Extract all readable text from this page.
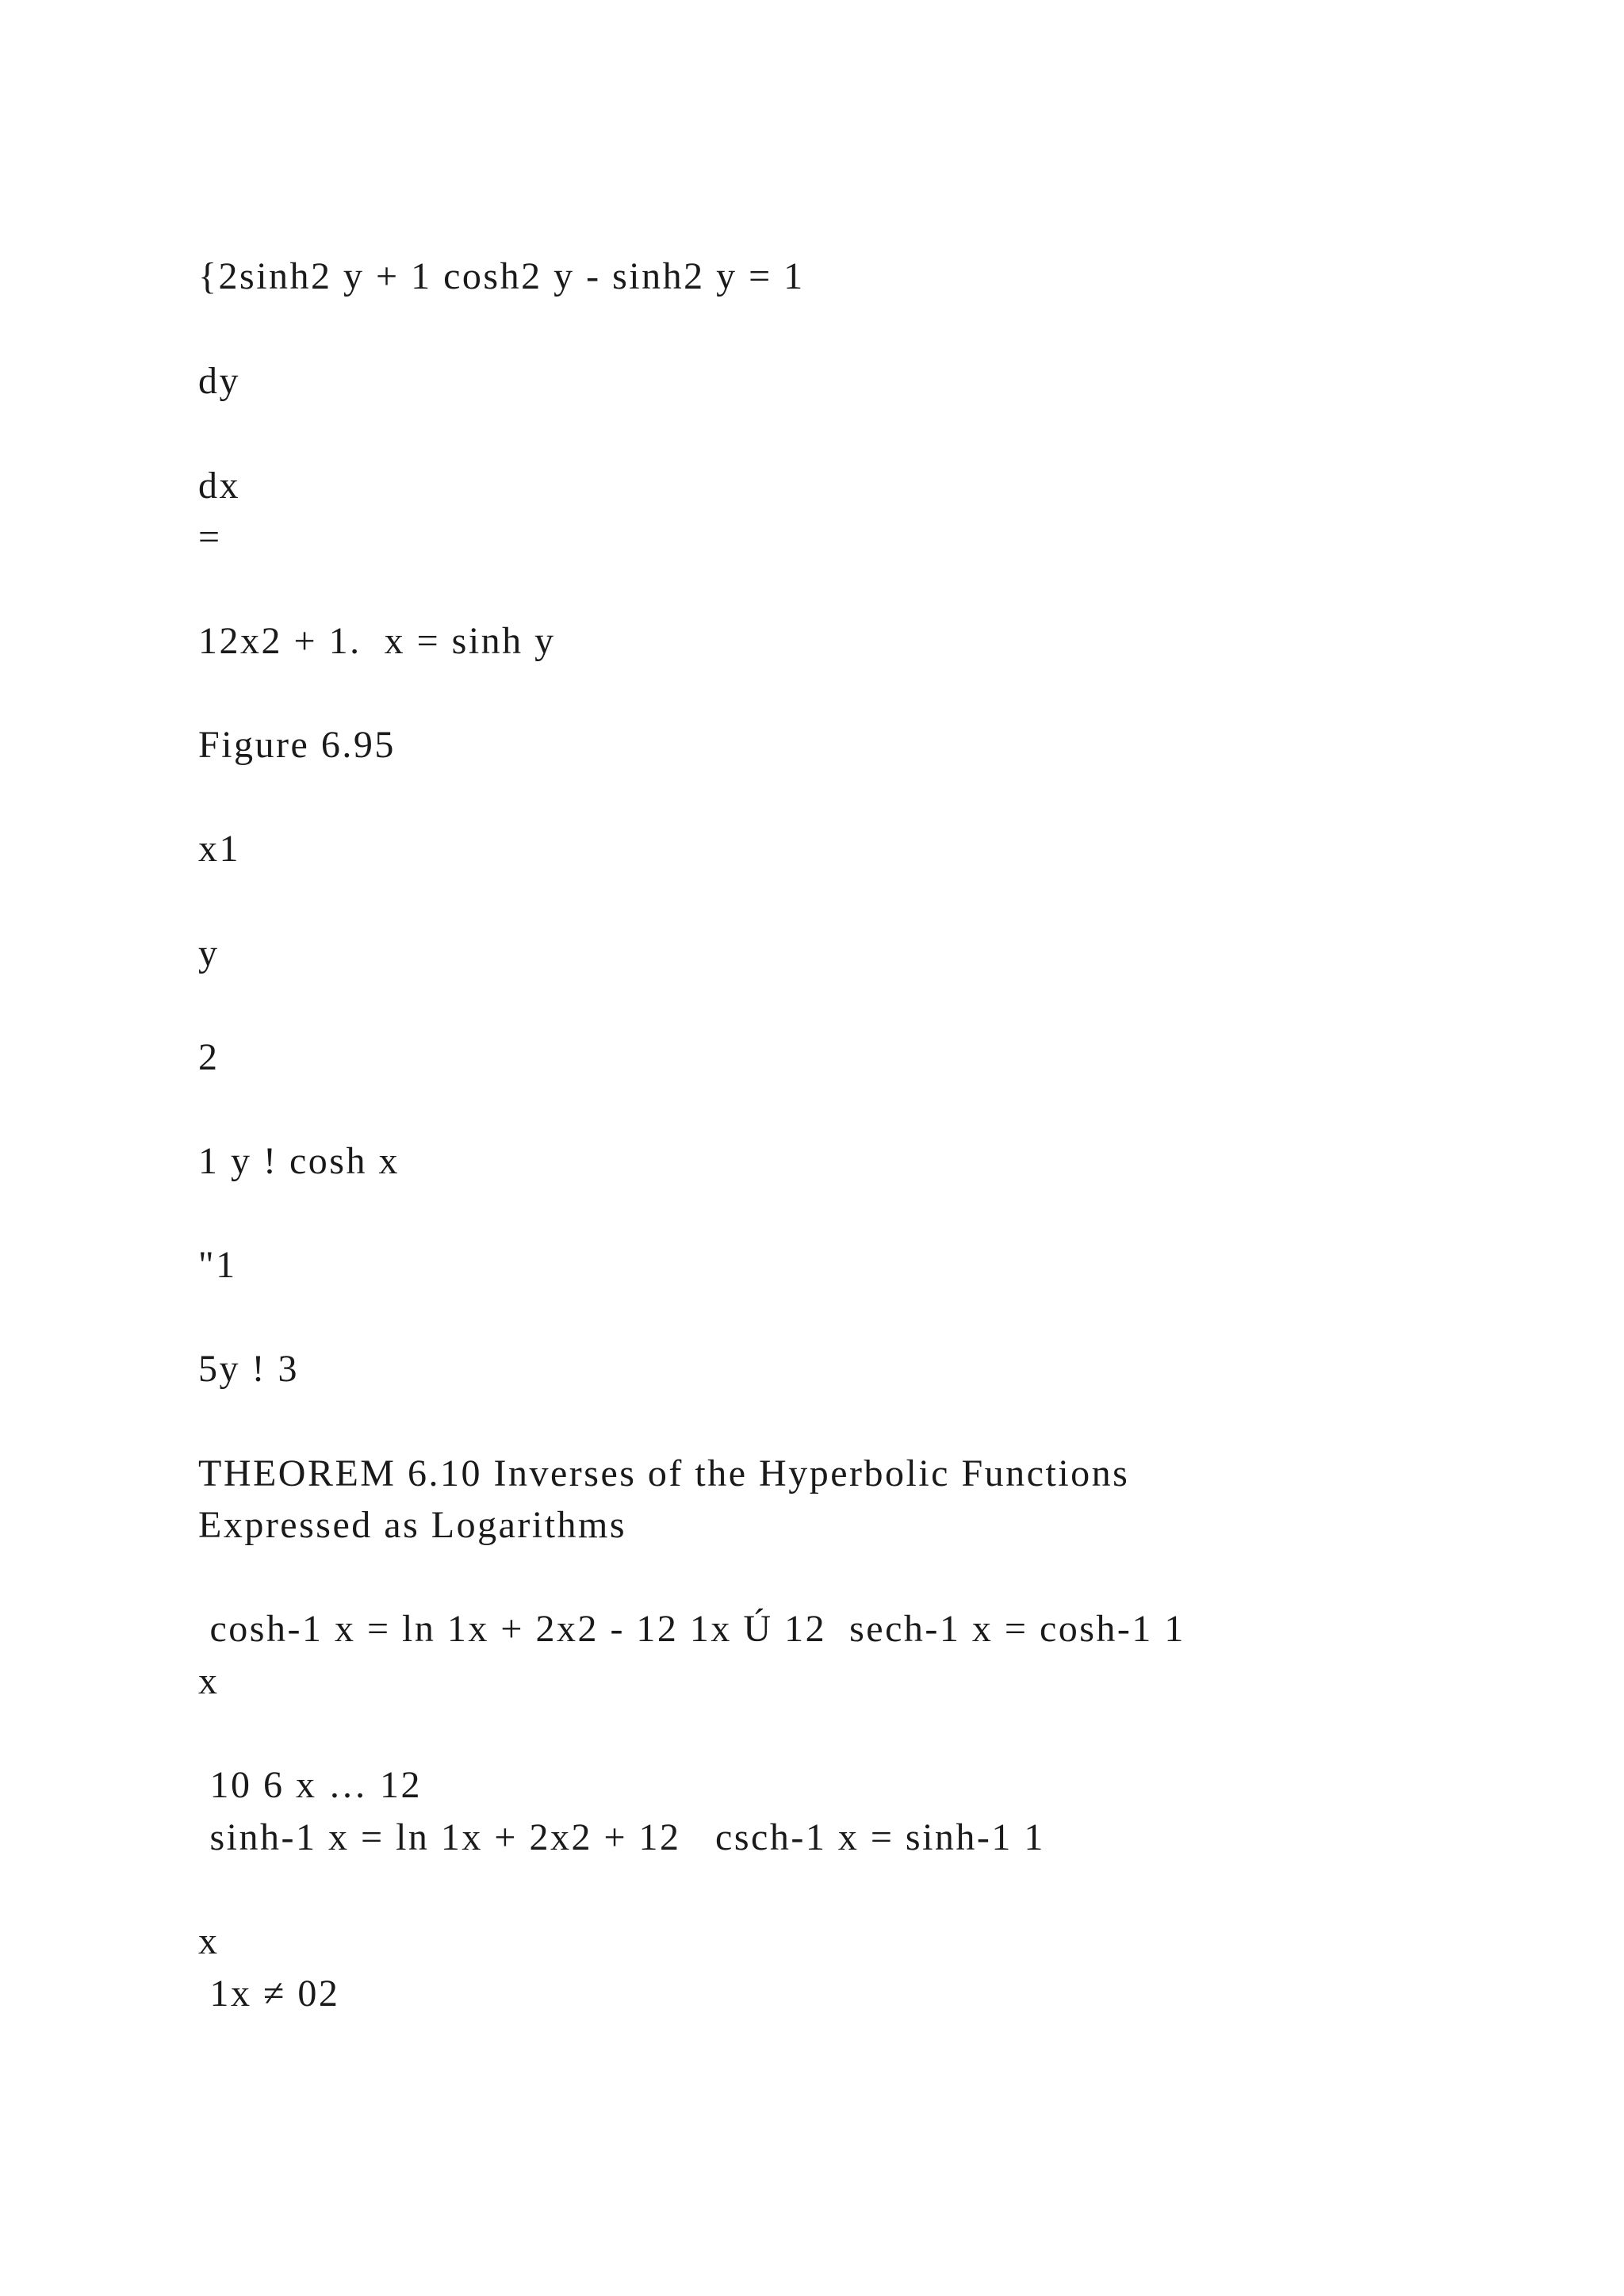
{2sinh2 y + 1 cosh2 y - sinh2 y = 1
dy
dx
=
12x2 + 1.  x = sinh y
Figure 6.95
x1
y
2
1 y ! cosh x
"1
5y ! 3
THEOREM 6.10 Inverses of the Hyperbolic Functions
Expressed as Logarithms
cosh-1 x = ln 1x + 2x2 - 12 1x Ú 12  sech-1 x = cosh-1 1
x
10 6 x … 12
sinh-1 x = ln 1x + 2x2 + 12   csch-1 x = sinh-1 1
x
1x ≠ 02
